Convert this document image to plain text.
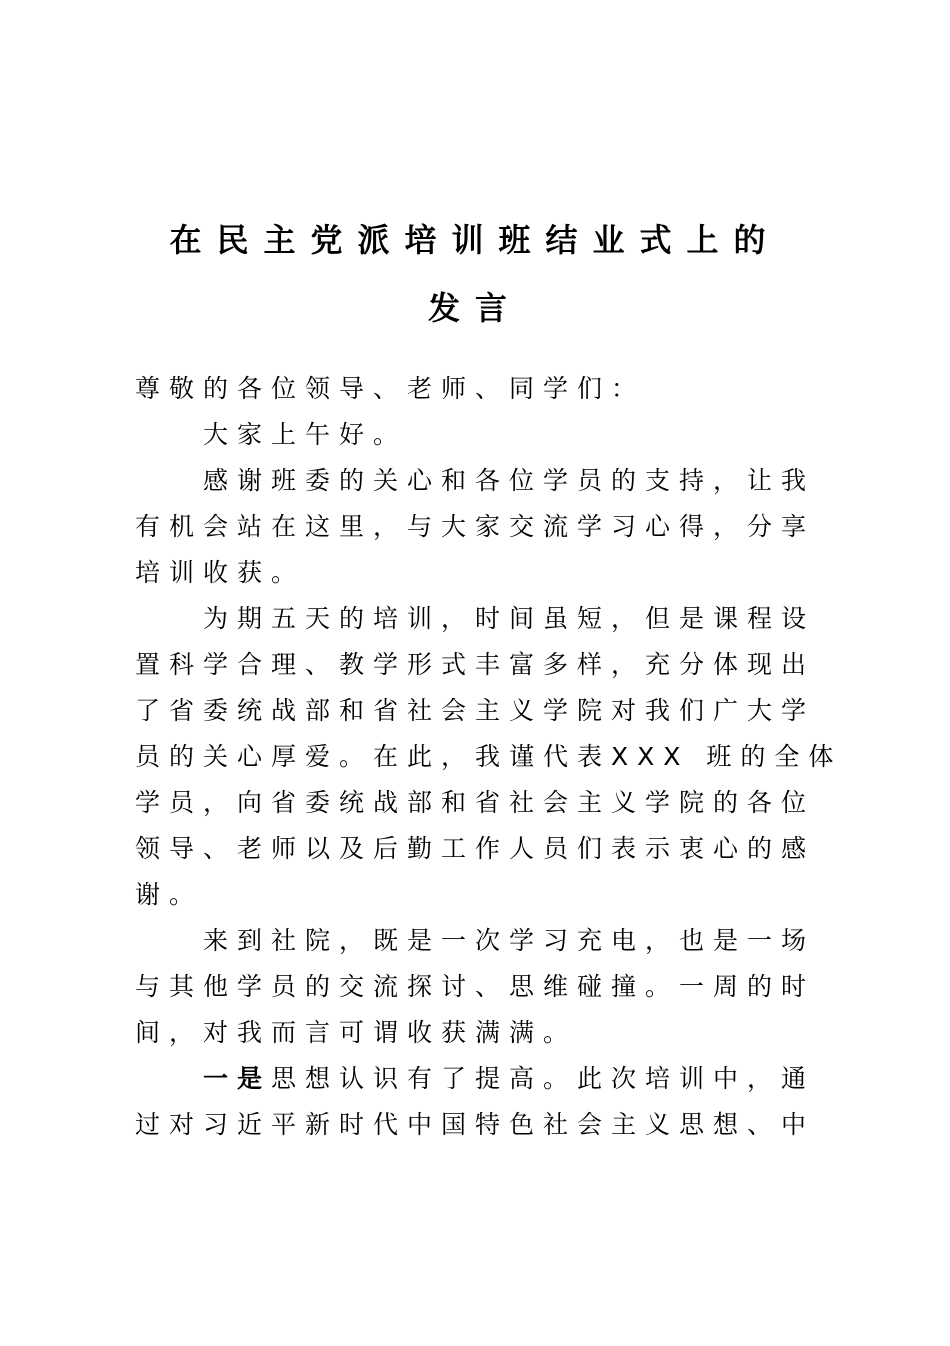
在民主党派培训班结业式上的
发言
尊敬的各位领导、老师、同学们：
大家上午好。
感谢班委的关心和各位学员的支持，让我
有机会站在这里，与大家交流学习心得，分享
培训收获。
为期五天的培训，时间虽短，但是课程设
置科学合理、教学形式丰富多样，充分体现出
了省委统战部和省社会主义学院对我们广大学
员的关心厚爱。在此，我谨代表XXX 班的全体
学员，向省委统战部和省社会主义学院的各位
领导、老师以及后勤工作人员们表示衷心的感
谢。
来到社院，既是一次学习充电，也是一场
与其他学员的交流探讨、思维碰撞。一周的时
间，对我而言可谓收获满满。
一是思想认识有了提高。此次培训中，通
过对习近平新时代中国特色社会主义思想、中
